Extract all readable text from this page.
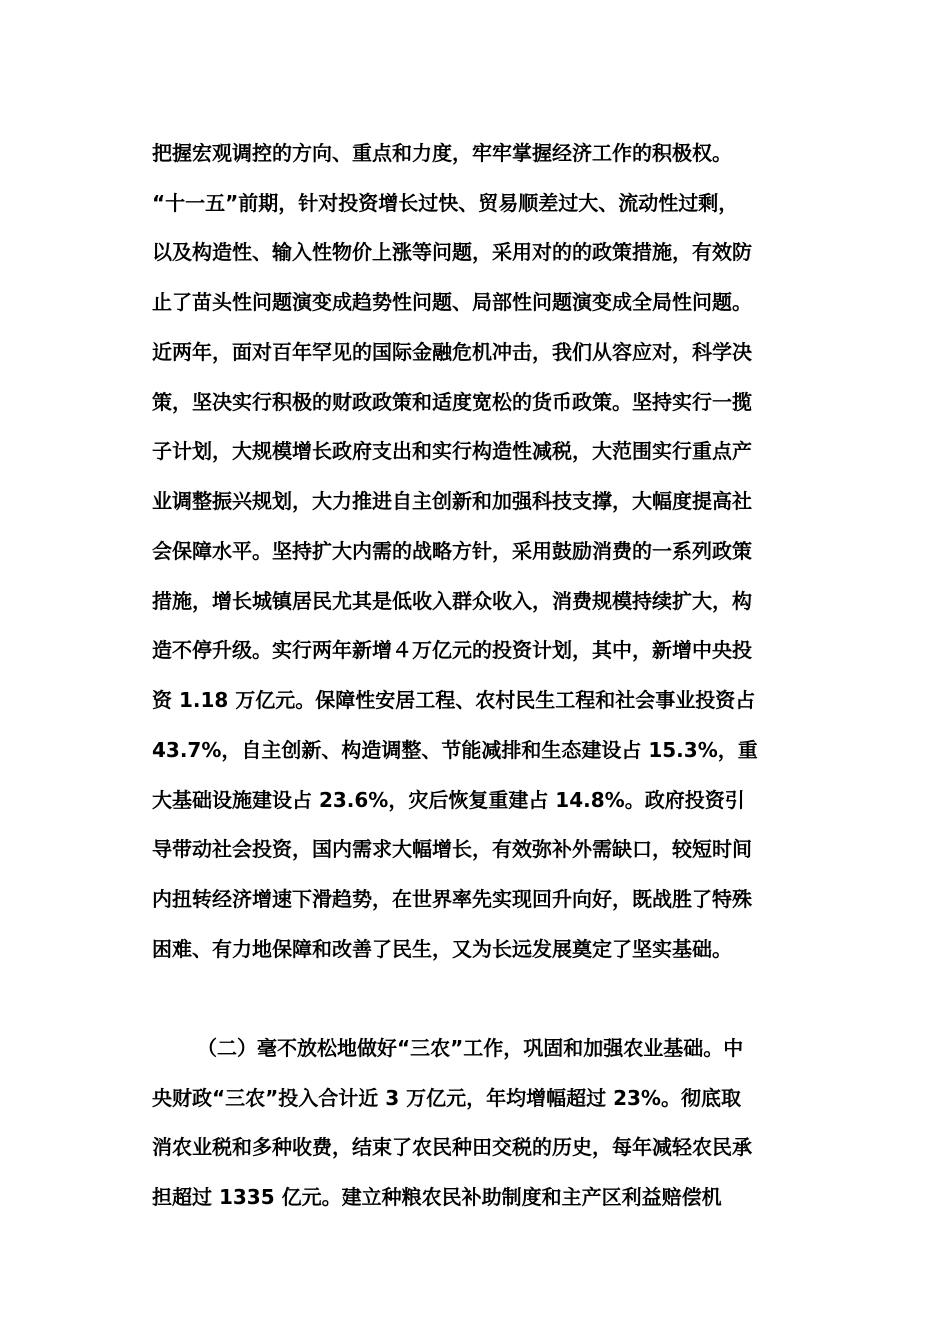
把握宏观调控的方向、重点和力度，牢牢掌握经济工作的积极权。
“十一五”前期，针对投资增长过快、贸易顺差过大、流动性过剩，
以及构造性、输入性物价上涨等问题，采用对的的政策措施，有效防
止了苗头性问题演变成趋势性问题、局部性问题演变成全局性问题。
近两年，面对百年罕见的国际金融危机冲击，我们从容应对，科学决
策，坚决实行积极的财政政策和适度宽松的货币政策。坚持实行一揽
子计划，大规模增长政府支出和实行构造性减税，大范围实行重点产
业调整振兴规划，大力推进自主创新和加强科技支撑，大幅度提高社
会保障水平。坚持扩大内需的战略方针，采用鼓励消费的一系列政策
措施，增长城镇居民尤其是低收入群众收入，消费规模持续扩大，构
造不停升级。实行两年新增４万亿元的投资计划，其中，新增中央投
资 1.18 万亿元。保障性安居工程、农村民生工程和社会事业投资占
43.7%，自主创新、构造调整、节能减排和生态建设占 15.3%，重
大基础设施建设占 23.6%，灾后恢复重建占 14.8%。政府投资引
导带动社会投资，国内需求大幅增长，有效弥补外需缺口，较短时间
内扭转经济增速下滑趋势，在世界率先实现回升向好，既战胜了特殊
困难、有力地保障和改善了民生，又为长远发展奠定了坚实基础。
（二）毫不放松地做好“三农”工作，巩固和加强农业基础。中
央财政“三农”投入合计近 3 万亿元，年均增幅超过 23%。彻底取
消农业税和多种收费，结束了农民种田交税的历史，每年减轻农民承
担超过 1335 亿元。建立种粮农民补助制度和主产区利益赔偿机
